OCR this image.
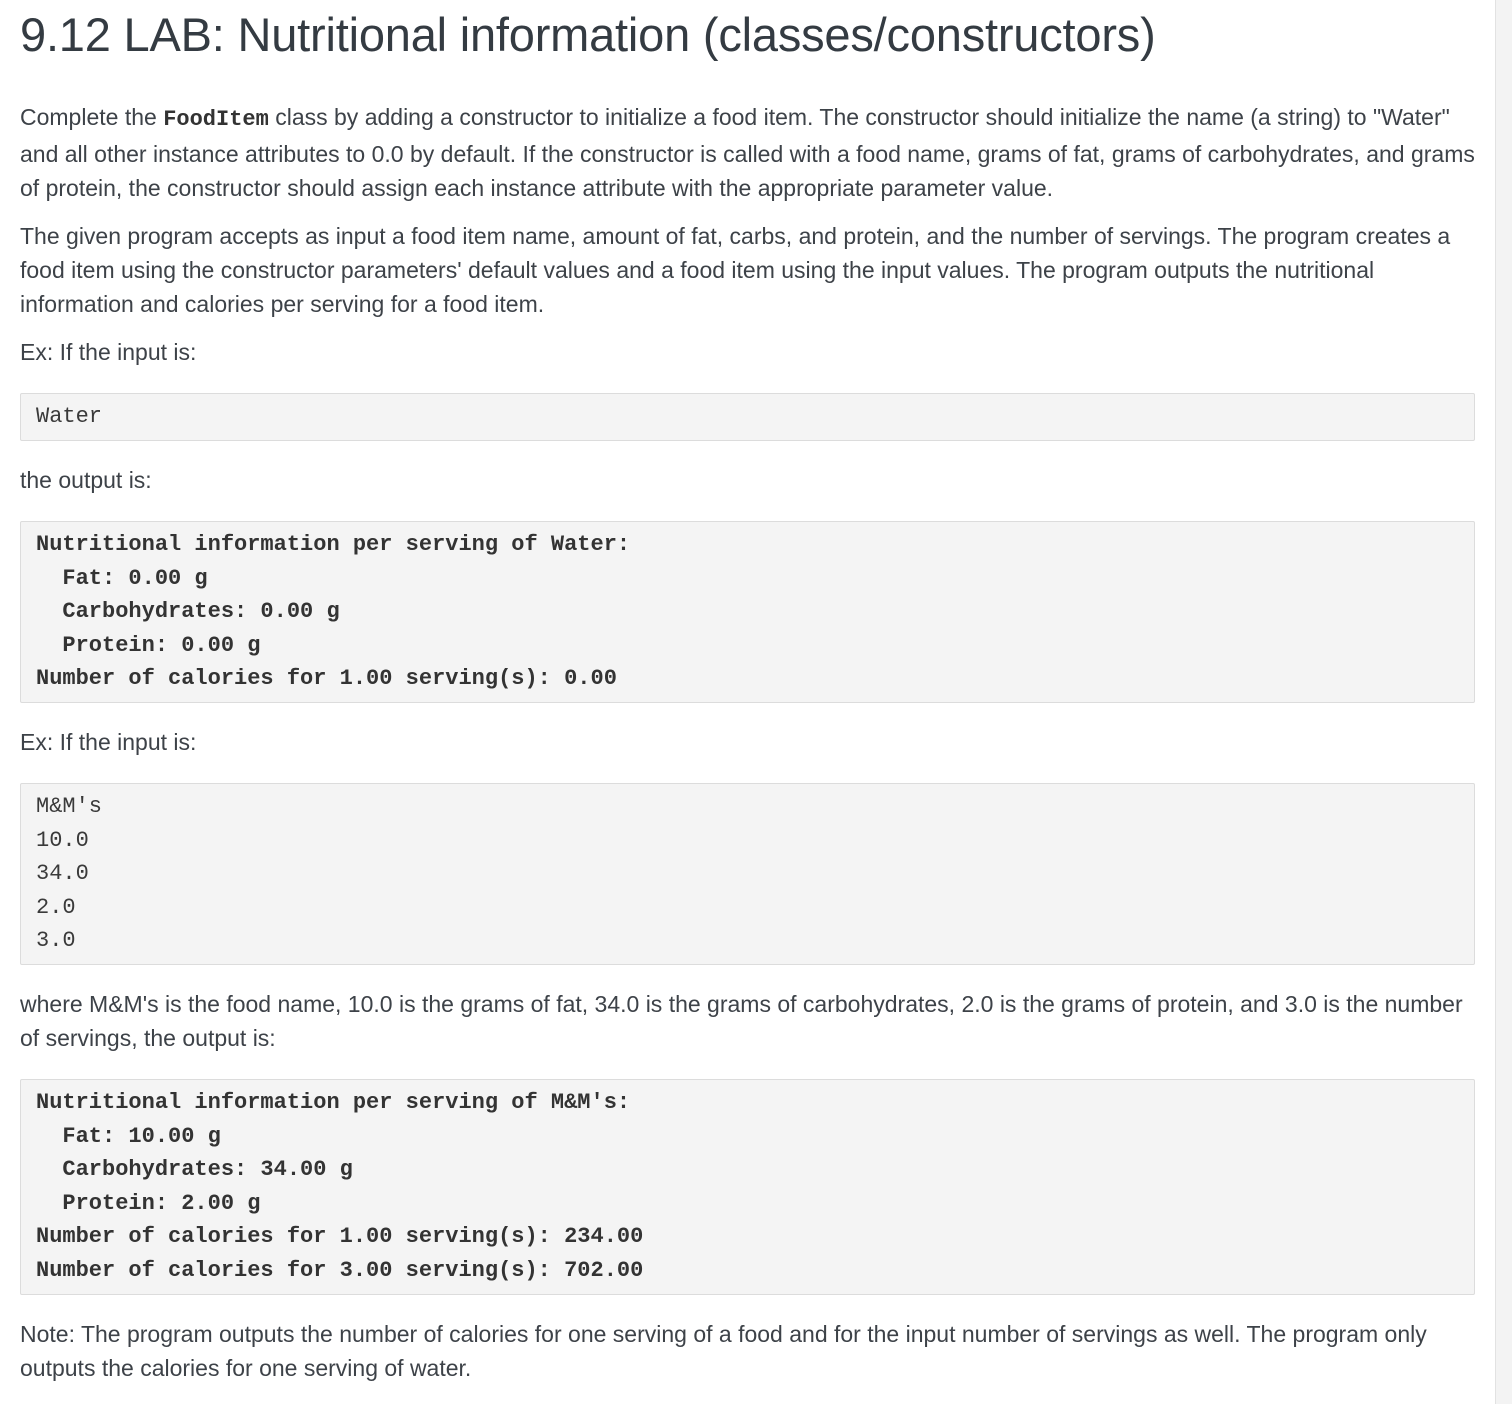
9.12 LAB: Nutritional information (classes/constructors)

Complete the FoodItem class by adding a constructor to initialize a food item. The constructor should initialize the name (a string) to "Water" and all other instance attributes to 0.0 by default. If the constructor is called with a food name, grams of fat, grams of carbohydrates, and grams of protein, the constructor should assign each instance attribute with the appropriate parameter value.

The given program accepts as input a food item name, amount of fat, carbs, and protein, and the number of servings. The program creates a food item using the constructor parameters' default values and a food item using the input values. The program outputs the nutritional information and calories per serving for a food item.

Ex: If the input is:

Water

the output is:

Nutritional information per serving of Water:
Fat: 0.00 g
Carbohydrates: 0.00 g
Protein: 0.00 g
Number of calories for 1.00 serving(s): 0.00

Ex: If the input is:

M&M's
10.0
34.0
2.0
3.0

where M&M's is the food name, 10.0 is the grams of fat, 34.0 is the grams of carbohydrates, 2.0 is the grams of protein, and 3.0 is the number of servings, the output is:

Nutritional information per serving of M&M's:
Fat: 10.00 g
Carbohydrates: 34.00 g
Protein: 2.00 g
Number of calories for 1.00 serving(s): 234.00
Number of calories for 3.00 serving(s): 702.00

Note: The program outputs the number of calories for one serving of a food and for the input number of servings as well. The program only outputs the calories for one serving of water.
